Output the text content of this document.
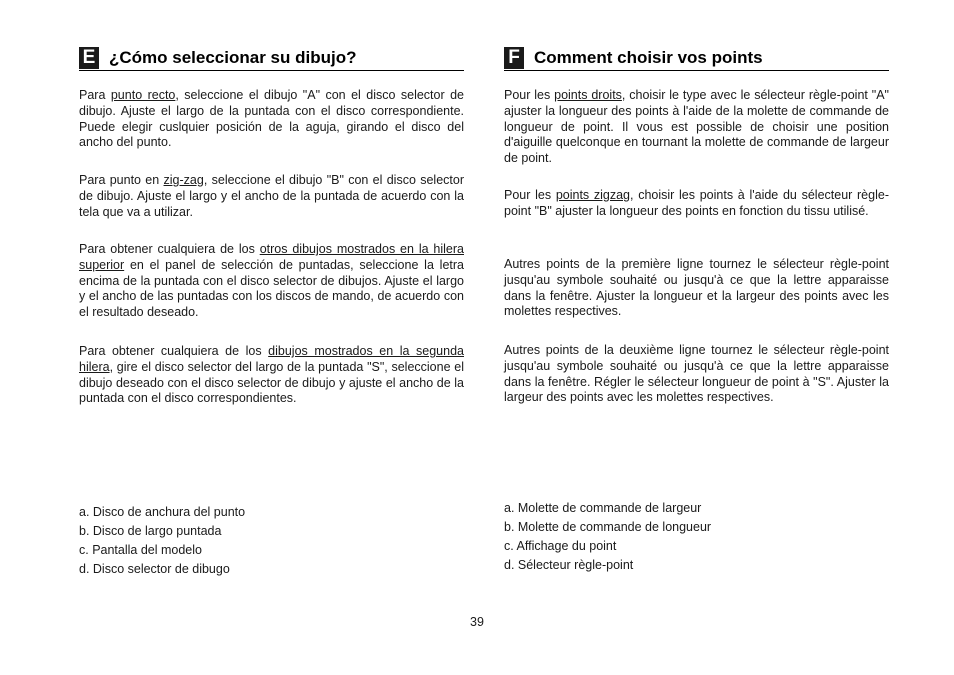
E ¿Cómo seleccionar su dibujo?

Para punto recto, seleccione el dibujo "A" con el disco selector de dibujo. Ajuste el largo de la puntada con el disco correspondiente. Puede elegir cuslquier posición de la aguja, girando el disco del ancho del punto.

Para punto en zig-zag, seleccione el dibujo "B" con el disco selector de dibujo. Ajuste el largo y el ancho de la puntada de acuerdo con la tela que va a utilizar.

Para obtener cualquiera de los otros dibujos mostrados en la hilera superior en el panel de selección de puntadas, seleccione la letra encima de la puntada con el disco selector de dibujos. Ajuste el largo y el ancho de las puntadas con los discos de mando, de acuerdo con el resultado deseado.

Para obtener cualquiera de los dibujos mostrados en la segunda hilera, gire el disco selector del largo de la puntada "S", seleccione el dibujo deseado con el disco selector de dibujo y ajuste el ancho de la puntada con el disco correspondientes.

a. Disco de anchura del punto
b. Disco de largo puntada
c. Pantalla del modelo
d. Disco selector de dibugo
F Comment choisir vos points

Pour les points droits, choisir le type avec le sélecteur règle-point "A" ajuster la longueur des points à l'aide de la molette de commande de longueur de point. Il vous est possible de choisir une position d'aiguille quelconque en tournant la molette de commande de largeur de point.

Pour les points zigzag, choisir les points à l'aide du sélecteur règle-point "B" ajuster la longueur des points en fonction du tissu utilisé.

Autres points de la première ligne tournez le sélecteur règle-point jusqu'au symbole souhaité ou jusqu'à ce que la lettre apparaisse dans la fenêtre. Ajuster la longueur et la largeur des points avec les molettes respectives.

Autres points de la deuxième ligne tournez le sélecteur règle-point jusqu'au symbole souhaité ou jusqu'à ce que la lettre apparaisse dans la fenêtre. Régler le sélecteur longueur de point à "S". Ajuster la largeur des points avec les molettes respectives.

a. Molette de commande de largeur
b. Molette de commande de longueur
c. Affichage du point
d. Sélecteur règle-point
39
